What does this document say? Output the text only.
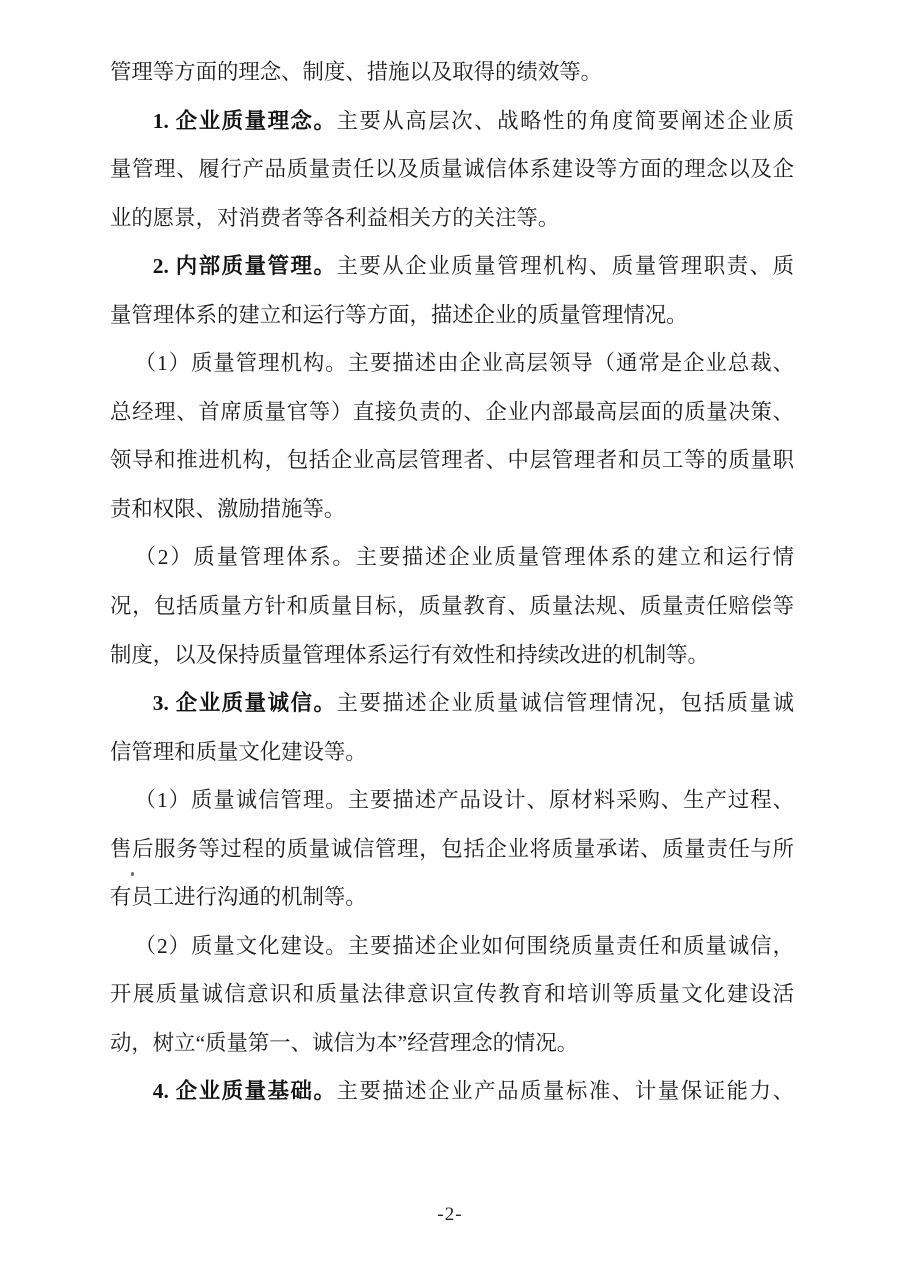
管理等方面的理念、制度、措施以及取得的绩效等。
1. 企业质量理念。主要从高层次、战略性的角度简要阐述企业质
量管理、履行产品质量责任以及质量诚信体系建设等方面的理念以及企
业的愿景，对消费者等各利益相关方的关注等。
2. 内部质量管理。主要从企业质量管理机构、质量管理职责、质
量管理体系的建立和运行等方面，描述企业的质量管理情况。
（1）质量管理机构。主要描述由企业高层领导（通常是企业总裁、
总经理、首席质量官等）直接负责的、企业内部最高层面的质量决策、
领导和推进机构，包括企业高层管理者、中层管理者和员工等的质量职
责和权限、激励措施等。
（2）质量管理体系。主要描述企业质量管理体系的建立和运行情
况，包括质量方针和质量目标，质量教育、质量法规、质量责任赔偿等
制度，以及保持质量管理体系运行有效性和持续改进的机制等。
3. 企业质量诚信。主要描述企业质量诚信管理情况，包括质量诚
信管理和质量文化建设等。
（1）质量诚信管理。主要描述产品设计、原材料采购、生产过程、
售后服务等过程的质量诚信管理，包括企业将质量承诺、质量责任与所
有员工进行沟通的机制等。
（2）质量文化建设。主要描述企业如何围绕质量责任和质量诚信，
开展质量诚信意识和质量法律意识宣传教育和培训等质量文化建设活
动，树立“质量第一、诚信为本”经营理念的情况。
4. 企业质量基础。主要描述企业产品质量标准、计量保证能力、
-2-
